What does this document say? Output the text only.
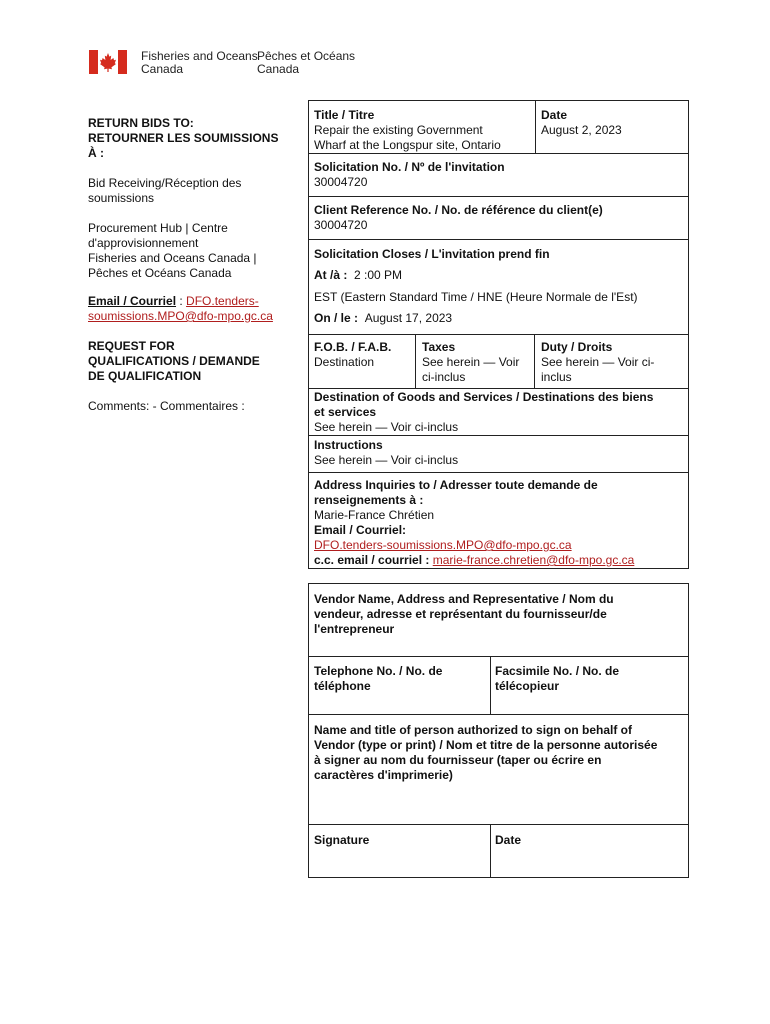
Fisheries and Oceans
Canada
Pêches et Océans
Canada
RETURN BIDS TO:
RETOURNER LES SOUMISSIONS
À :
Bid Receiving/Réception des
soumissions
Procurement Hub | Centre
d'approvisionnement
Fisheries and Oceans Canada |
Pêches et Océans Canada
Email / Courriel : DFO.tenders-
soumissions.MPO@dfo-mpo.gc.ca
REQUEST FOR
QUALIFICATIONS / DEMANDE
DE QUALIFICATION
Comments: - Commentaires :
Title / Titre
Repair the existing Government
Wharf at the Longspur site, Ontario
Date
August 2, 2023
Solicitation No. / Nº de l'invitation
30004720
Client Reference No. / No. de référence du client(e)
30004720
Solicitation Closes / L'invitation prend fin
At /à : 2 :00 PM
EST (Eastern Standard Time / HNE (Heure Normale de l'Est)
On / le : August 17, 2023
F.O.B. / F.A.B.
Destination
Taxes
See herein — Voir
ci-inclus
Duty / Droits
See herein — Voir ci-
inclus
Destination of Goods and Services / Destinations des biens
et services
See herein — Voir ci-inclus
Instructions
See herein — Voir ci-inclus
Address Inquiries to / Adresser toute demande de
renseignements à :
Marie-France Chrétien
Email / Courriel:
DFO.tenders-soumissions.MPO@dfo-mpo.gc.ca
c.c. email / courriel : marie-france.chretien@dfo-mpo.gc.ca
Vendor Name, Address and Representative / Nom du
vendeur, adresse et représentant du fournisseur/de
l'entrepreneur
Telephone No. / No. de
téléphone
Facsimile No. / No. de
télécopieur
Name and title of person authorized to sign on behalf of
Vendor (type or print) / Nom et titre de la personne autorisée
à signer au nom du fournisseur (taper ou écrire en
caractères d'imprimerie)
Signature	Date
